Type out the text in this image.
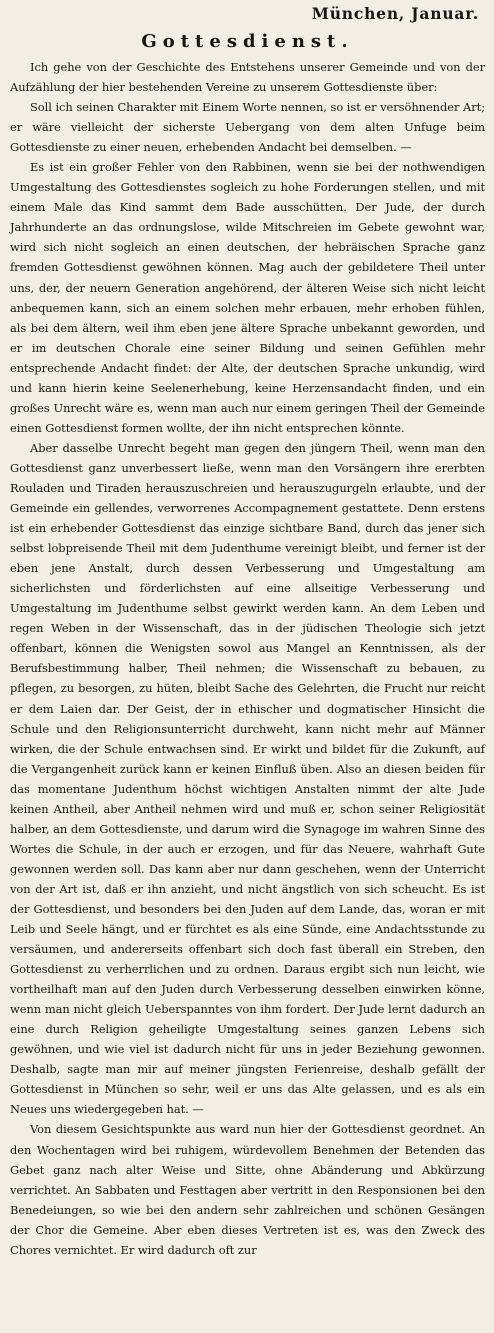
München, Januar.
Gottesdienst.

Ich gehe von der Geschichte des Entstehens unserer Gemeinde und von der Aufzählung der hier bestehenden Vereine zu unserem Gottesdienste über:

Soll ich seinen Charakter mit Einem Worte nennen, so ist er versöhnender Art; er wäre vielleicht der sicherste Uebergang von dem alten Unfuge beim Gottesdienste zu einer neuen, erhebenden Andacht bei demselben. —

Es ist ein großer Fehler von den Rabbinen, wenn sie bei der nothwendigen Umgestaltung des Gottesdienstes sogleich zu hohe Forderungen stellen, und mit einem Male das Kind sammt dem Bade ausschütten. Der Jude, der durch Jahrhunderte an das ordnungslose, wilde Mitschreien im Gebete gewohnt war, wird sich nicht sogleich an einen deutschen, der hebräischen Sprache ganz fremden Gottesdienst gewöhnen können. Mag auch der gebildetere Theil unter uns, der, der neuern Generation angehörend, der älteren Weise sich nicht leicht anbequemen kann, sich an einem solchen mehr erbauen, mehr erhoben fühlen, als bei dem ältern, weil ihm eben jene ältere Sprache unbekannt geworden, und er im deutschen Chorale eine seiner Bildung und seinen Gefühlen mehr entsprechende Andacht findet: der Alte, der deutschen Sprache unkundig, wird und kann hierin keine Seelenerhebung, keine Herzensandacht finden, und ein großes Unrecht wäre es, wenn man auch nur einem geringen Theil der Gemeinde einen Gottesdienst formen wollte, der ihn nicht entsprechen könnte.

Aber dasselbe Unrecht begeht man gegen den jüngern Theil, wenn man den Gottesdienst ganz unverbessert ließe, wenn man den Vorsängern ihre ererbten Rouladen und Tiraden herauszuschreien und herauszugurgeln erlaubte, und der Gemeinde ein gellendes, verworrenes Accompagnement gestattete. Denn erstens ist ein erhebender Gottesdienst das einzige sichtbare Band, durch das jener sich selbst lobpreisende Theil mit dem Judenthume vereinigt bleibt, und ferner ist der eben jene Anstalt, durch dessen Verbesserung und Umgestaltung am sicherlichsten und förderlichsten auf eine allseitige Verbesserung und Umgestaltung im Judenthume selbst gewirkt werden kann. An dem Leben und regen Weben in der Wissenschaft, das in der jüdischen Theologie sich jetzt offenbart, können die Wenigsten sowol aus Mangel an Kenntnissen, als der Berufsbestimmung halber, Theil nehmen; die Wissenschaft zu bebauen, zu pflegen, zu besorgen, zu hüten, bleibt Sache des Gelehrten, die Frucht nur reicht er dem Laien dar. Der Geist, der in ethischer und dogmatischer Hinsicht die Schule und den Religionsunterricht durchweht, kann nicht mehr auf Männer wirken, die der Schule entwachsen sind. Er wirkt und bildet für die Zukunft, auf die Vergangenheit zurück kann er keinen Einfluß üben. Also an diesen beiden für das momentane Judenthum höchst wichtigen Anstalten nimmt der alte Jude keinen Antheil, aber Antheil nehmen wird und muß er, schon seiner Religiosität halber, an dem Gottesdienste, und darum wird die Synagoge im wahren Sinne des Wortes die Schule, in der auch er erzogen, und für das Neuere, wahrhaft Gute gewonnen werden soll. Das kann aber nur dann geschehen, wenn der Unterricht von der Art ist, daß er ihn anzieht, und nicht ängstlich von sich scheucht. Es ist der Gottesdienst, und besonders bei den Juden auf dem Lande, das, woran er mit Leib und Seele hängt, und er fürchtet es als eine Sünde, eine Andachtsstunde zu versäumen, und andererseits offenbart sich doch fast überall ein Streben, den Gottesdienst zu verherrlichen und zu ordnen. Daraus ergibt sich nun leicht, wie vortheilhaft man auf den Juden durch Verbesserung desselben einwirken könne, wenn man nicht gleich Ueberspanntes von ihm fordert. Der Jude lernt dadurch an eine durch Religion geheiligte Umgestaltung seines ganzen Lebens sich gewöhnen, und wie viel ist dadurch nicht für uns in jeder Beziehung gewonnen. Deshalb, sagte man mir auf meiner jüngsten Ferienreise, deshalb gefällt der Gottesdienst in München so sehr, weil er uns das Alte gelassen, und es als ein Neues uns wiedergegeben hat. —

Von diesem Gesichtspunkte aus ward nun hier der Gottesdienst geordnet. An den Wochentagen wird bei ruhigem, würdevollem Benehmen der Betenden das Gebet ganz nach alter Weise und Sitte, ohne Abänderung und Abkürzung verrichtet. An Sabbaten und Festtagen aber vertritt in den Responsionen bei den Benedeiungen, so wie bei den andern sehr zahlreichen und schönen Gesängen der Chor die Gemeine. Aber eben dieses Vertreten ist es, was den Zweck des Chores vernichtet. Er wird dadurch oft zur
